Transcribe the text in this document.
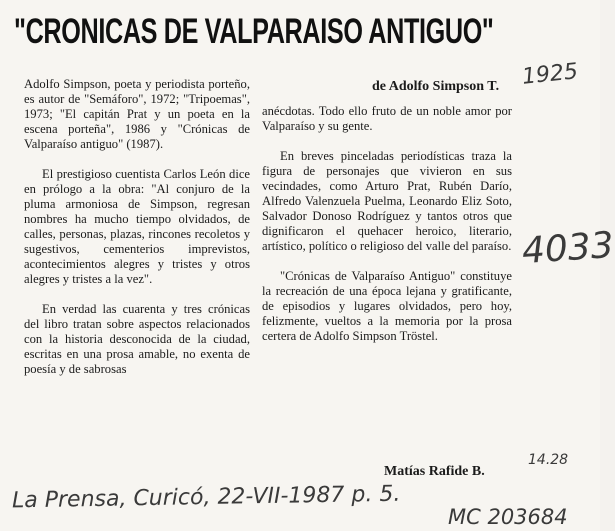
"CRONICAS DE VALPARAISO ANTIGUO"
de Adolfo Simpson T. 1925
4033

Adolfo Simpson, poeta y periodista porteño, es autor de "Semáforo", 1972; "Tripoemas", 1973; "El capitán Prat y un poeta en la escena porteña", 1986 y "Crónicas de Valparaíso antiguo" (1987).

El prestigioso cuentista Carlos León dice en prólogo a la obra: "Al conjuro de la pluma armoniosa de Simpson, regresan nombres ha mucho tiempo olvidados, de calles, personas, plazas, rincones recoletos y sugestivos, cementerios imprevistos, acontecimientos alegres y tristes y otros alegres y tristes a la vez".

En verdad las cuarenta y tres crónicas del libro tratan sobre aspectos relacionados con la historia desconocida de la ciudad, escritas en una prosa amable, no exenta de poesía y de sabrosas

anécdotas. Todo ello fruto de un noble amor por Valparaíso y su gente.

En breves pinceladas periodísticas traza la figura de personajes que vivieron en sus vecindades, como Arturo Prat, Rubén Darío, Alfredo Valenzuela Puelma, Leonardo Eliz Soto, Salvador Donoso Rodríguez y tantos otros que dignificaron el quehacer heroico, literario, artístico, político o religioso del valle del paraíso.

"Crónicas de Valparaíso Antiguo" constituye la recreación de una época lejana y gratificante, de episodios y lugares olvidados, pero hoy, felizmente, vueltos a la memoria por la prosa certera de Adolfo Simpson Tröstel.

Matías Rafide B.
14.28
La Prensa, Curicó, 22-VII-1987 p. 5.
MC 203684
